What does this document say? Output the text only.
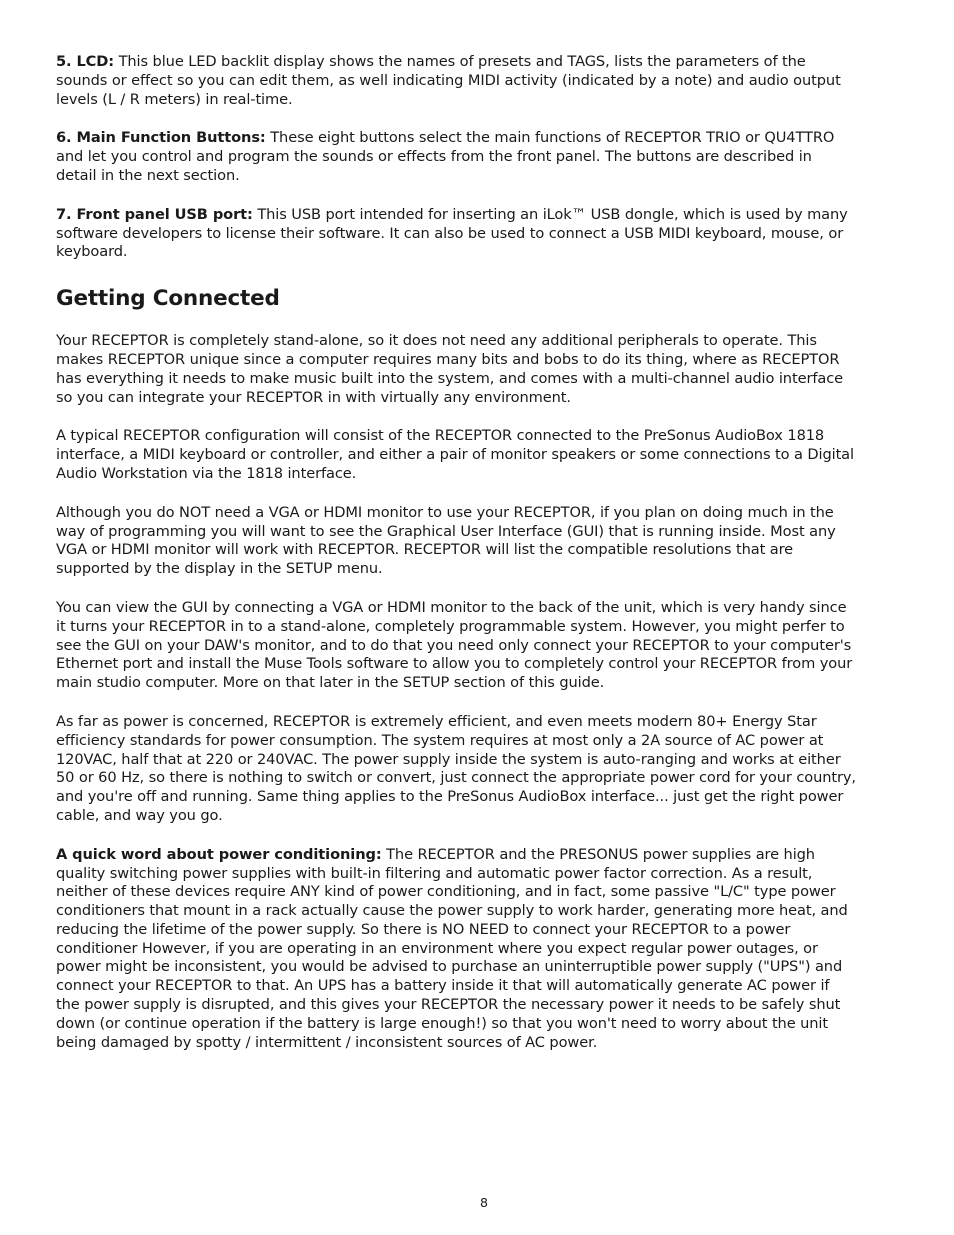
5. LCD: This blue LED backlit display shows the names of presets and TAGS, lists the parameters of the sounds or effect so you can edit them, as well indicating MIDI activity (indicated by a note) and audio output levels (L / R meters) in real-time.

6. Main Function Buttons: These eight buttons select the main functions of RECEPTOR TRIO or QU4TTRO and let you control and program the sounds or effects from the front panel. The buttons are described in detail in the next section.

7. Front panel USB port: This USB port intended for inserting an iLok™ USB dongle, which is used by many software developers to license their software. It can also be used to connect a USB MIDI keyboard, mouse, or keyboard.

Getting Connected

Your RECEPTOR is completely stand-alone, so it does not need any additional peripherals to operate. This makes RECEPTOR unique since a computer requires many bits and bobs to do its thing, where as RECEPTOR has everything it needs to make music built into the system, and comes with a multi-channel audio interface so you can integrate your RECEPTOR in with virtually any environment.

A typical RECEPTOR configuration will consist of the RECEPTOR connected to the PreSonus AudioBox 1818 interface, a MIDI keyboard or controller, and either a pair of monitor speakers or some connections to a Digital Audio Workstation via the 1818 interface.

Although you do NOT need a VGA or HDMI monitor to use your RECEPTOR, if you plan on doing much in the way of programming you will want to see the Graphical User Interface (GUI) that is running inside. Most any VGA or HDMI monitor will work with RECEPTOR. RECEPTOR will list the compatible resolutions that are supported by the display in the SETUP menu.

You can view the GUI by connecting a VGA or HDMI monitor to the back of the unit, which is very handy since it turns your RECEPTOR in to a stand-alone, completely programmable system. However, you might perfer to see the GUI on your DAW's monitor, and to do that you need only connect your RECEPTOR to your computer's Ethernet port and install the Muse Tools software to allow you to completely control your RECEPTOR from your main studio computer. More on that later in the SETUP section of this guide.

As far as power is concerned, RECEPTOR is extremely efficient, and even meets modern 80+ Energy Star efficiency standards for power consumption. The system requires at most only a 2A source of AC power at 120VAC, half that at 220 or 240VAC. The power supply inside the system is auto-ranging and works at either 50 or 60 Hz, so there is nothing to switch or convert, just connect the appropriate power cord for your country, and you're off and running. Same thing applies to the PreSonus AudioBox interface... just get the right power cable, and way you go.

A quick word about power conditioning: The RECEPTOR and the PRESONUS power supplies are high quality switching power supplies with built-in filtering and automatic power factor correction. As a result, neither of these devices require ANY kind of power conditioning, and in fact, some passive "L/C" type power conditioners that mount in a rack actually cause the power supply to work harder, generating more heat, and reducing the lifetime of the power supply. So there is NO NEED to connect your RECEPTOR to a power conditioner However, if you are operating in an environment where you expect regular power outages, or power might be inconsistent, you would be advised to purchase an uninterruptible power supply ("UPS") and connect your RECEPTOR to that. An UPS has a battery inside it that will automatically generate AC power if the power supply is disrupted, and this gives your RECEPTOR the necessary power it needs to be safely shut down (or continue operation if the battery is large enough!) so that you won't need to worry about the unit being damaged by spotty / intermittent / inconsistent sources of AC power.

8
